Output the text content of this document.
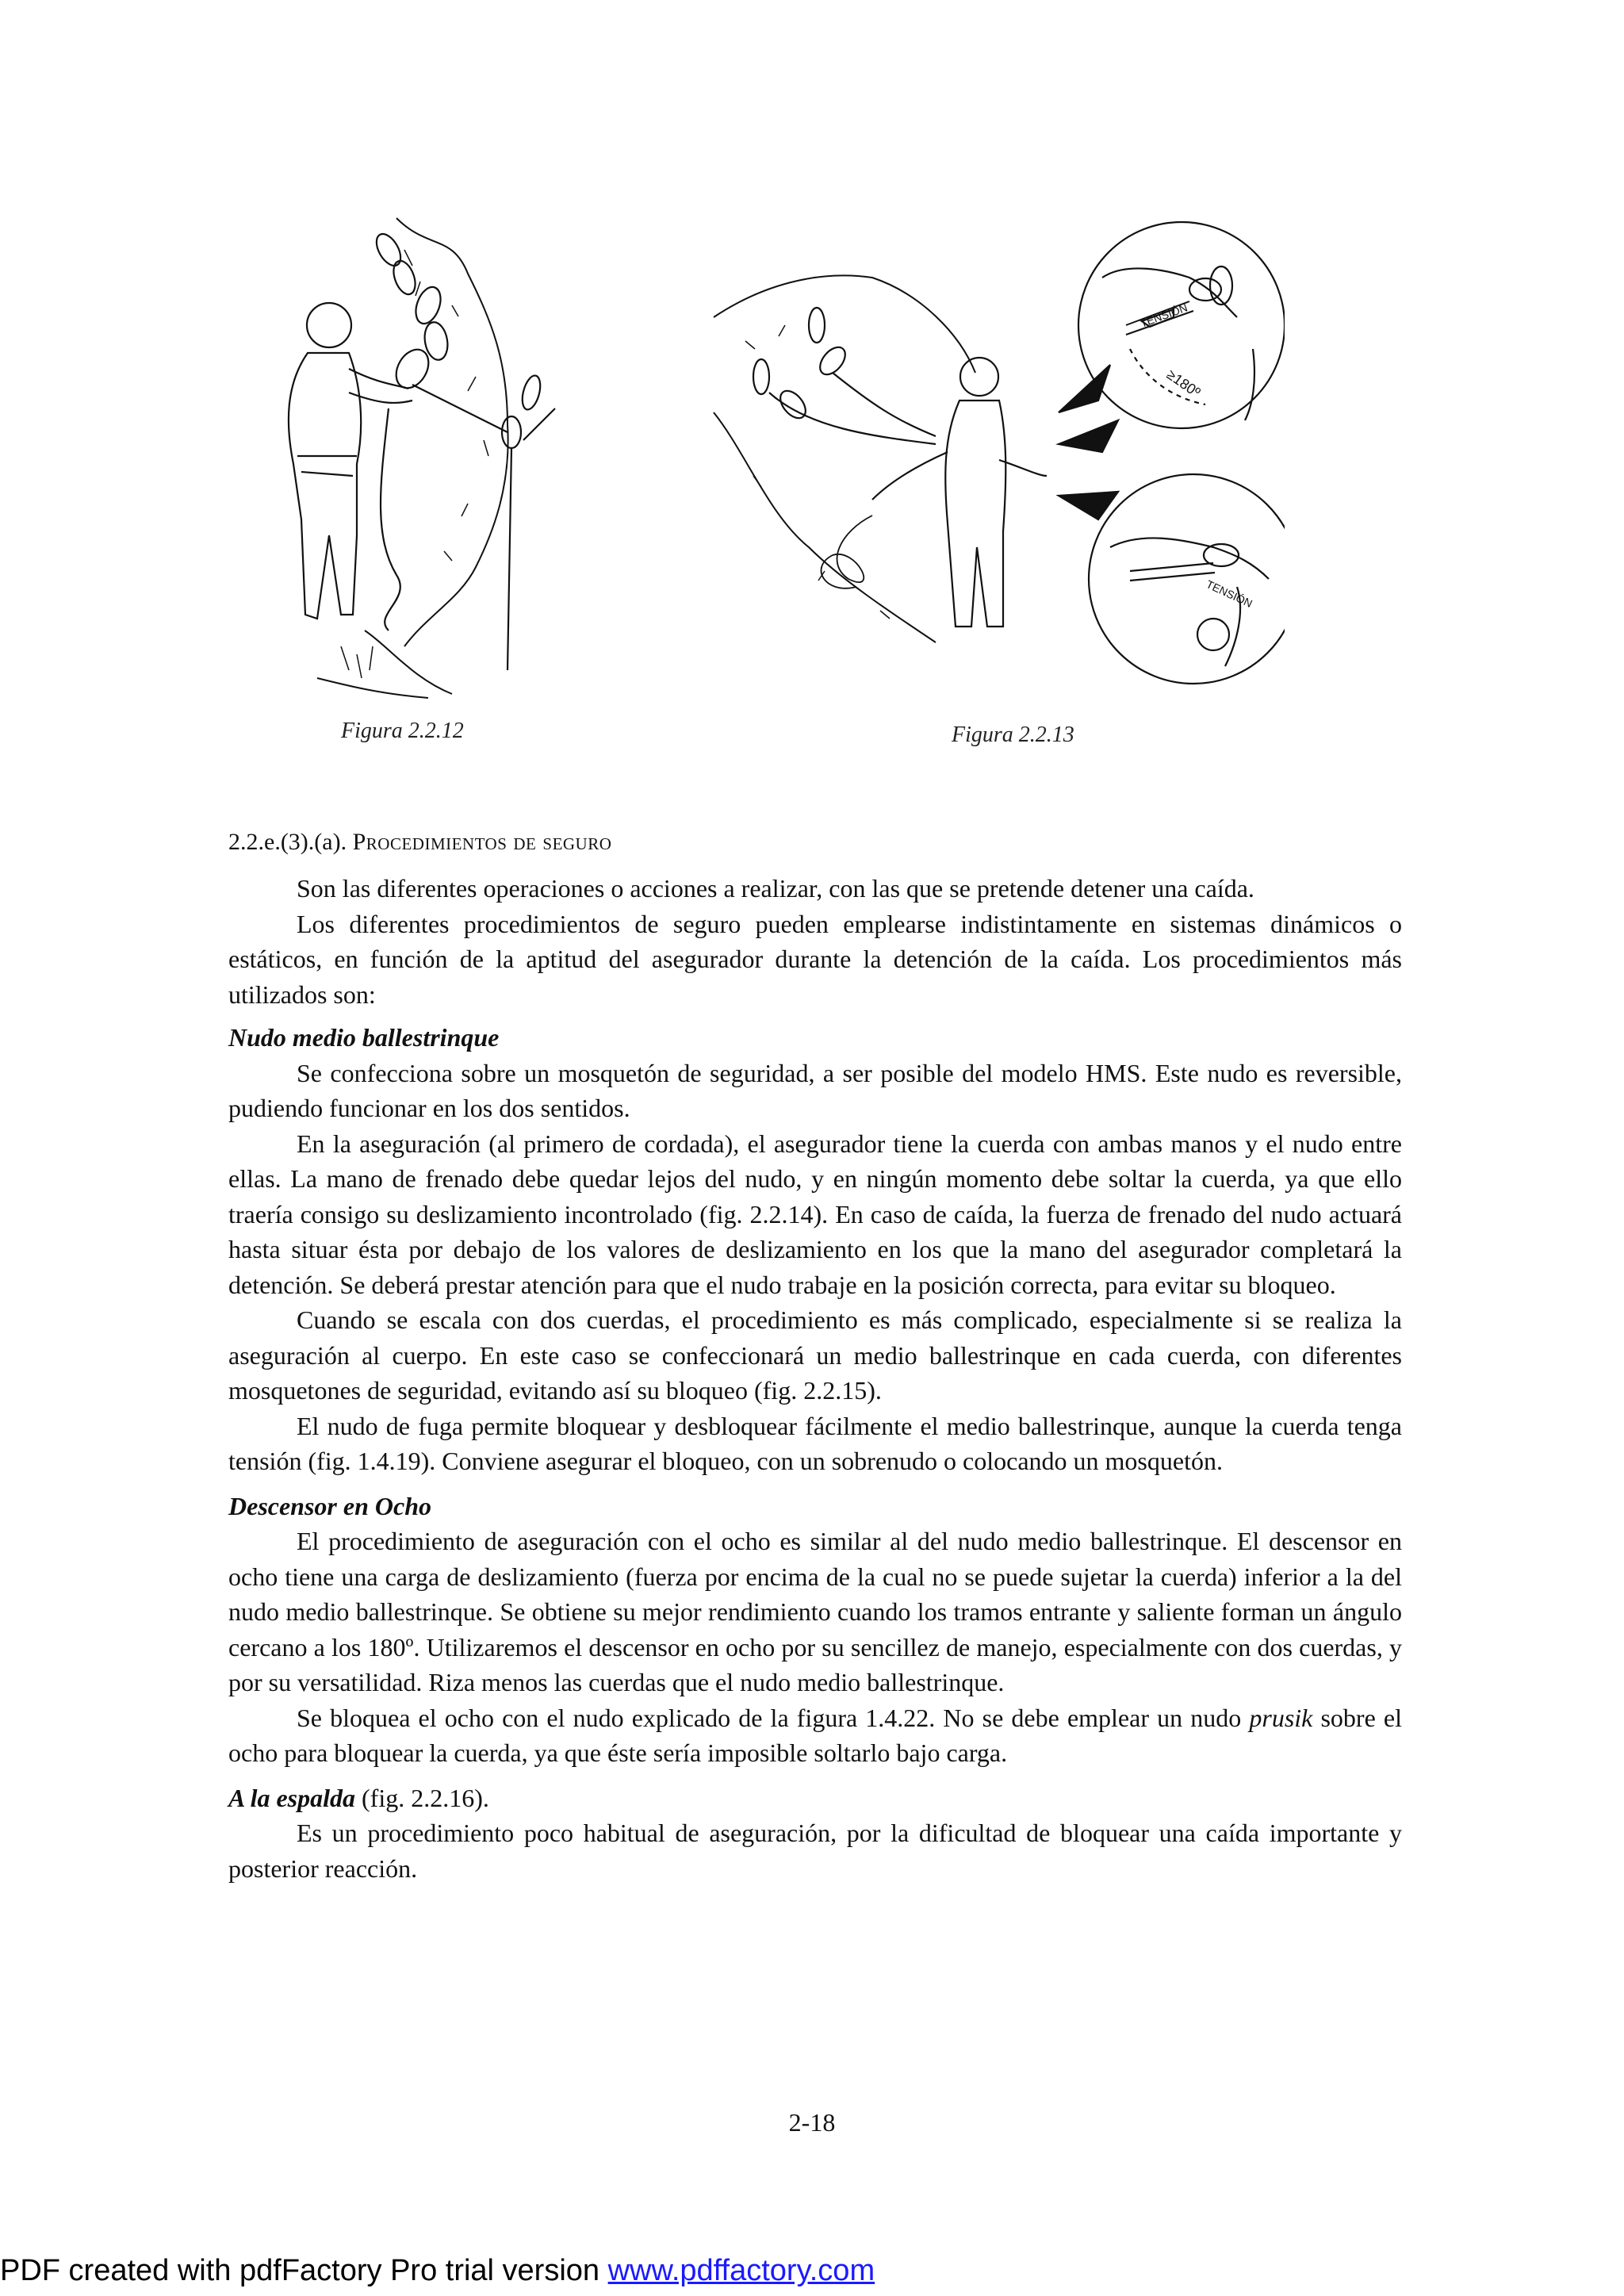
Figura 2.2.12
TENSIÓN
≥180º
TENSIÓN
Figura 2.2.13
2.2.e.(3).(a). Procedimientos de seguro

Son las diferentes operaciones o acciones a realizar, con las que se pretende detener una caída.

Los diferentes procedimientos de seguro pueden emplearse indistintamente en sistemas dinámicos o estáticos, en función de la aptitud del asegurador durante la detención de la caída. Los procedimientos más utilizados son:

Nudo medio ballestrinque

Se confecciona sobre un mosquetón de seguridad, a ser posible del modelo HMS. Este nudo es reversible, pudiendo funcionar en los dos sentidos.

En la aseguración (al primero de cordada), el asegurador tiene la cuerda con ambas manos y el nudo entre ellas. La mano de frenado debe quedar lejos del nudo, y en ningún momento debe soltar la cuerda, ya que ello traería consigo su deslizamiento incontrolado (fig. 2.2.14). En caso de caída, la fuerza de frenado del nudo actuará hasta situar ésta por debajo de los valores de deslizamiento en los que la mano del asegurador completará la detención. Se deberá prestar atención para que el nudo trabaje en la posición correcta, para evitar su bloqueo.

Cuando se escala con dos cuerdas, el procedimiento es más complicado, especialmente si se realiza la aseguración al cuerpo. En este caso se confeccionará un medio ballestrinque en cada cuerda, con diferentes mosquetones de seguridad, evitando así su bloqueo (fig. 2.2.15).

El nudo de fuga permite bloquear y desbloquear fácilmente el medio ballestrinque, aunque la cuerda tenga tensión (fig. 1.4.19). Conviene asegurar el bloqueo, con un sobrenudo o colocando un mosquetón.

Descensor en Ocho

El procedimiento de aseguración con el ocho es similar al del nudo medio ballestrinque. El descensor en ocho tiene una carga de deslizamiento (fuerza por encima de la cual no se puede sujetar la cuerda) inferior a la del nudo medio ballestrinque. Se obtiene su mejor rendimiento cuando los tramos entrante y saliente forman un ángulo cercano a los 180º. Utilizaremos el descensor en ocho por su sencillez de manejo, especialmente con dos cuerdas, y por su versatilidad. Riza menos las cuerdas que el nudo medio ballestrinque.

Se bloquea el ocho con el nudo explicado de la figura 1.4.22. No se debe emplear un nudo prusik sobre el ocho para bloquear la cuerda, ya que éste sería imposible soltarlo bajo carga.

A la espalda (fig. 2.2.16).

Es un procedimiento poco habitual de aseguración, por la dificultad de bloquear una caída importante y posterior reacción.

2-18
PDF created with pdfFactory Pro trial version www.pdffactory.com
